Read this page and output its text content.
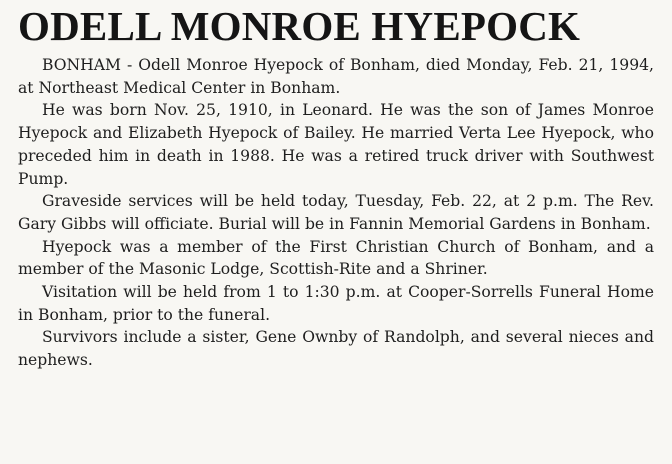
ODELL MONROE HYEPOCK

BONHAM - Odell Monroe Hyepock of Bonham, died Monday, Feb. 21, 1994, at Northeast Medical Center in Bonham.

He was born Nov. 25, 1910, in Leonard. He was the son of James Monroe Hyepock and Elizabeth Hyepock of Bailey. He married Verta Lee Hyepock, who preceded him in death in 1988. He was a retired truck driver with Southwest Pump.

Graveside services will be held today, Tuesday, Feb. 22, at 2 p.m. The Rev. Gary Gibbs will officiate. Burial will be in Fannin Memorial Gardens in Bonham.

Hyepock was a member of the First Christian Church of Bonham, and a member of the Masonic Lodge, Scottish-Rite and a Shriner.

Visitation will be held from 1 to 1:30 p.m. at Cooper-Sorrells Funeral Home in Bonham, prior to the funeral.

Survivors include a sister, Gene Ownby of Randolph, and several nieces and nephews.
